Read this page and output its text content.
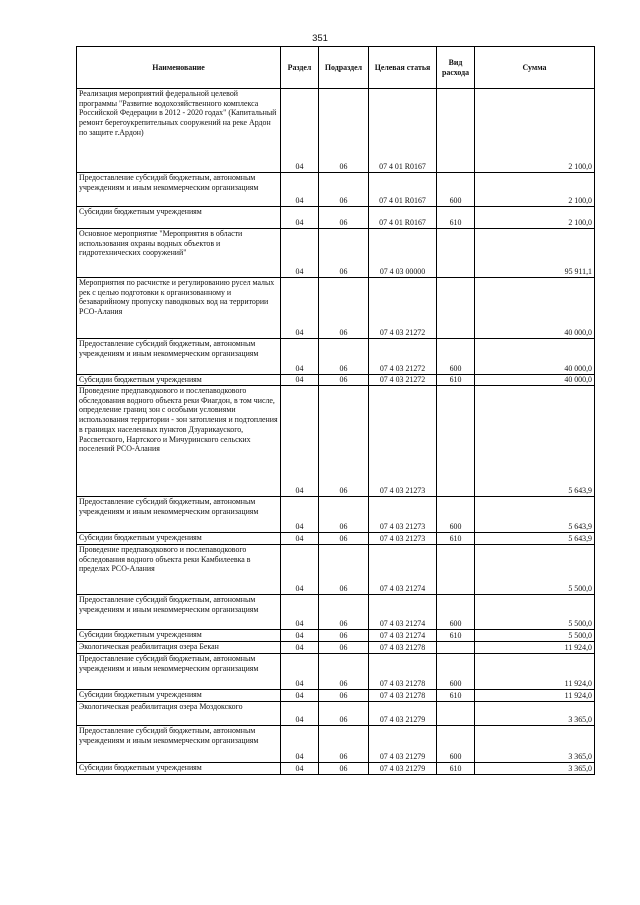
351
Наименование	Раздел	Подраздел	Целевая статья	Вид расхода	Сумма
Реализация мероприятий федеральной целевой программы "Развитие водохозяйственного комплекса Российской Федерации в 2012 - 2020 годах" (Капитальный ремонт берегоукрепительных сооружений на реке Ардон по защите г.Ардон)	04	06	07 4 01 R0167		2 100,0
Предоставление субсидий бюджетным, автономным учреждениям и иным некоммерческим организациям	04	06	07 4 01 R0167	600	2 100,0
Субсидии бюджетным учреждениям	04	06	07 4 01 R0167	610	2 100,0
Основное мероприятие "Мероприятия в области использования охраны водных объектов и гидротехнических сооружений"	04	06	07 4 03 00000		95 911,1
Мероприятия по расчистке и регулированию русел малых рек с целью подготовки к организованному и безаварийному пропуску паводковых вод на территории РСО-Алания	04	06	07 4 03 21272		40 000,0
Предоставление субсидий бюджетным, автономным учреждениям и иным некоммерческим организациям	04	06	07 4 03 21272	600	40 000,0
Субсидии бюджетным учреждениям	04	06	07 4 03 21272	610	40 000,0
Проведение предпаводкового и послепаводкового обследования водного объекта реки Фиагдон, в том числе, определение границ зон с особыми условиями использования территории - зон затопления и подтопления в границах населенных пунктов Дзуарикауского, Рассветского, Нартского и Мичуринского сельских поселений РСО-Алания	04	06	07 4 03 21273		5 643,9
Предоставление субсидий бюджетным, автономным учреждениям и иным некоммерческим организациям	04	06	07 4 03 21273	600	5 643,9
Субсидии бюджетным учреждениям	04	06	07 4 03 21273	610	5 643,9
Проведение предпаводкового и послепаводкового обследования водного объекта реки Камбилеевка в пределах РСО-Алания	04	06	07 4 03 21274		5 500,0
Предоставление субсидий бюджетным, автономным учреждениям и иным некоммерческим организациям	04	06	07 4 03 21274	600	5 500,0
Субсидии бюджетным учреждениям	04	06	07 4 03 21274	610	5 500,0
Экологическая реабилитация озера Бекан	04	06	07 4 03 21278		11 924,0
Предоставление субсидий бюджетным, автономным учреждениям и иным некоммерческим организациям	04	06	07 4 03 21278	600	11 924,0
Субсидии бюджетным учреждениям	04	06	07 4 03 21278	610	11 924,0
Экологическая реабилитация озера Моздокского	04	06	07 4 03 21279		3 365,0
Предоставление субсидий бюджетным, автономным учреждениям и иным некоммерческим организациям	04	06	07 4 03 21279	600	3 365,0
Субсидии бюджетным учреждениям	04	06	07 4 03 21279	610	3 365,0
